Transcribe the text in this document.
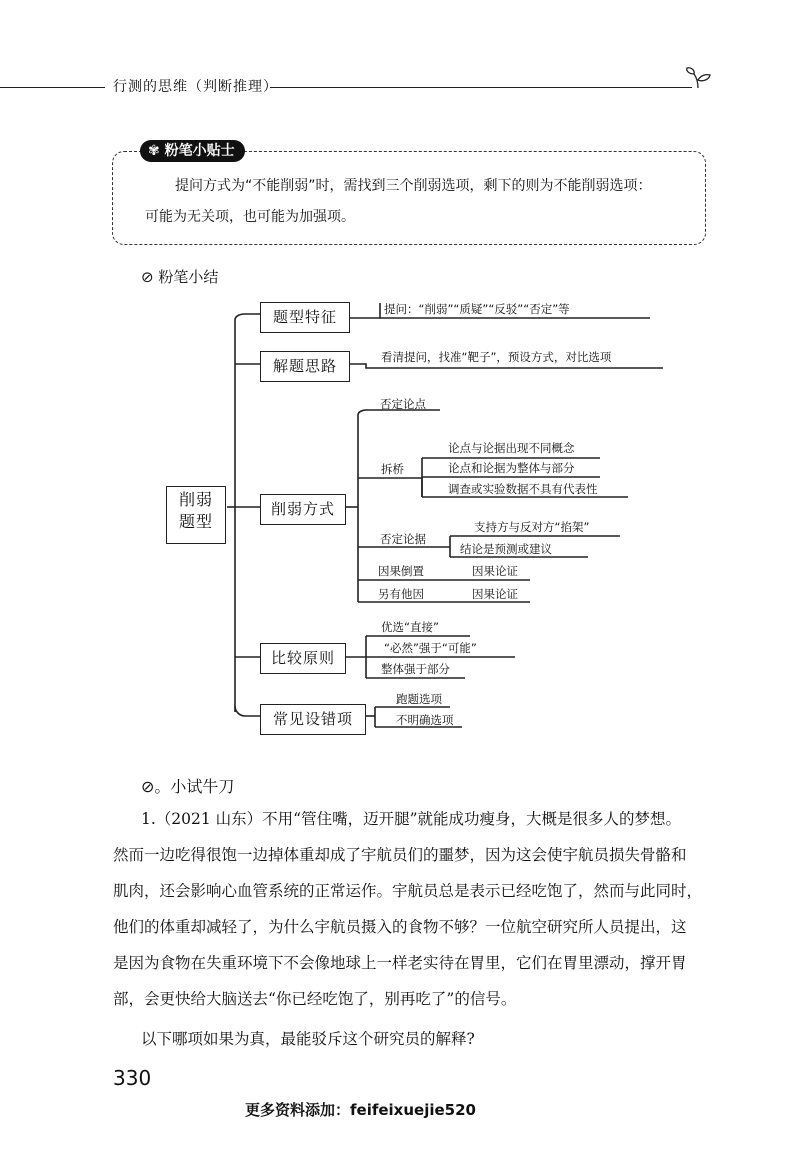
行测的思维（判断推理）
✾ 粉笔小贴士
提问方式为“不能削弱”时，需找到三个削弱选项，剩下的则为不能削弱选项：
可能为无关项，也可能为加强项。
⊘ 粉笔小结
削弱题型
题型特征
解题思路
削弱方式
比较原则
常见设错项
提问：“削弱”“质疑”“反驳”“否定”等
看清提问，找准“靶子”，预设方式，对比选项
否定论点
拆桥
论点与论据出现不同概念
论点和论据为整体与部分
调查或实验数据不具有代表性
否定论据
支持方与反对方“掐架”
结论是预测或建议
因果倒置	因果论证
另有他因	因果论证
优选“直接”
“必然”强于“可能”
整体强于部分
跑题选项
不明确选项
⊘。小试牛刀
1.（2021 山东）不用“管住嘴，迈开腿”就能成功瘦身，大概是很多人的梦想。
然而一边吃得很饱一边掉体重却成了宇航员们的噩梦，因为这会使宇航员损失骨骼和
肌肉，还会影响心血管系统的正常运作。宇航员总是表示已经吃饱了，然而与此同时，
他们的体重却减轻了，为什么宇航员摄入的食物不够？一位航空研究所人员提出，这
是因为食物在失重环境下不会像地球上一样老实待在胃里，它们在胃里漂动，撑开胃
部，会更快给大脑送去“你已经吃饱了，别再吃了”的信号。
以下哪项如果为真，最能驳斥这个研究员的解释?
330
更多资料添加：feifeixuejie520
